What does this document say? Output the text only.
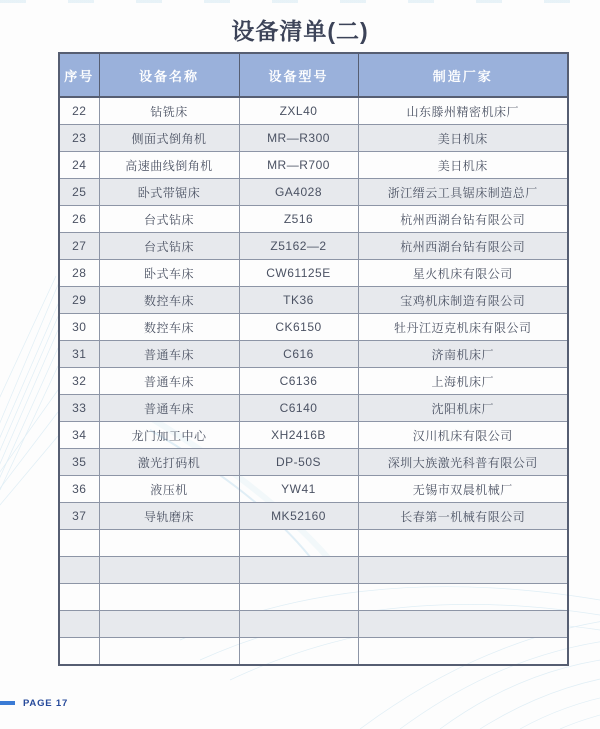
设备清单(二)
序号	设备名称	设备型号	制造厂家
22	钻铣床	ZXL40	山东滕州精密机床厂
23	侧面式倒角机	MR—R300	美日机床
24	高速曲线倒角机	MR—R700	美日机床
25	卧式带锯床	GA4028	浙江缙云工具锯床制造总厂
26	台式钻床	Z516	杭州西湖台钻有限公司
27	台式钻床	Z5162—2	杭州西湖台钻有限公司
28	卧式车床	CW61125E	星火机床有限公司
29	数控车床	TK36	宝鸡机床制造有限公司
30	数控车床	CK6150	牡丹江迈克机床有限公司
31	普通车床	C616	济南机床厂
32	普通车床	C6136	上海机床厂
33	普通车床	C6140	沈阳机床厂
34	龙门加工中心	XH2416B	汉川机床有限公司
35	激光打码机	DP-50S	深圳大族激光科普有限公司
36	液压机	YW41	无锡市双晨机械厂
37	导轨磨床	MK52160	长春第一机械有限公司

PAGE 17
